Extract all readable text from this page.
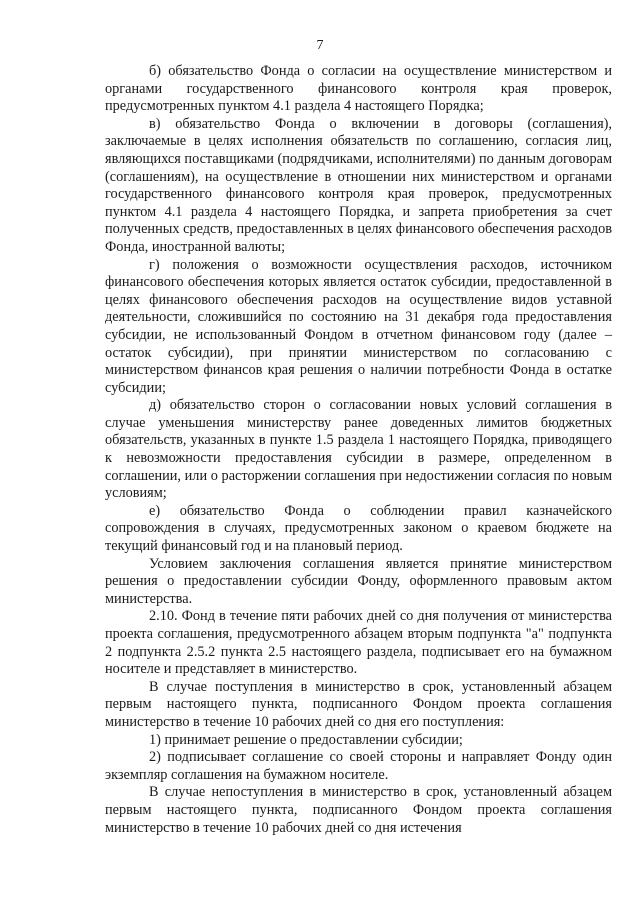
7

б) обязательство Фонда о согласии на осуществление министерством и органами государственного финансового контроля края проверок, предусмотренных пунктом 4.1 раздела 4 настоящего Порядка;

в) обязательство Фонда о включении в договоры (соглашения), заключаемые в целях исполнения обязательств по соглашению, согласия лиц, являющихся поставщиками (подрядчиками, исполнителями) по данным договорам (соглашениям), на осуществление в отношении них министерством и органами государственного финансового контроля края проверок, предусмотренных пунктом 4.1 раздела 4 настоящего Порядка, и запрета приобретения за счет полученных средств, предоставленных в целях финансового обеспечения расходов Фонда, иностранной валюты;

г) положения о возможности осуществления расходов, источником финансового обеспечения которых является остаток субсидии, предоставленной в целях финансового обеспечения расходов на осуществление видов уставной деятельности, сложившийся по состоянию на 31 декабря года предоставления субсидии, не использованный Фондом в отчетном финансовом году (далее – остаток субсидии), при принятии министерством по согласованию с министерством финансов края решения о наличии потребности Фонда в остатке субсидии;

д) обязательство сторон о согласовании новых условий соглашения в случае уменьшения министерству ранее доведенных лимитов бюджетных обязательств, указанных в пункте 1.5 раздела 1 настоящего Порядка, приводящего к невозможности предоставления субсидии в размере, определенном в соглашении, или о расторжении соглашения при недостижении согласия по новым условиям;

е) обязательство Фонда о соблюдении правил казначейского сопровождения в случаях, предусмотренных законом о краевом бюджете на текущий финансовый год и на плановый период.

Условием заключения соглашения является принятие министерством решения о предоставлении субсидии Фонду, оформленного правовым актом министерства.

2.10. Фонд в течение пяти рабочих дней со дня получения от министерства проекта соглашения, предусмотренного абзацем вторым подпункта "а" подпункта 2 подпункта 2.5.2 пункта 2.5 настоящего раздела, подписывает его на бумажном носителе и представляет в министерство.

В случае поступления в министерство в срок, установленный абзацем первым настоящего пункта, подписанного Фондом проекта соглашения министерство в течение 10 рабочих дней со дня его поступления:

1) принимает решение о предоставлении субсидии;

2) подписывает соглашение со своей стороны и направляет Фонду один экземпляр соглашения на бумажном носителе.

В случае непоступления в министерство в срок, установленный абзацем первым настоящего пункта, подписанного Фондом проекта соглашения министерство в течение 10 рабочих дней со дня истечения
